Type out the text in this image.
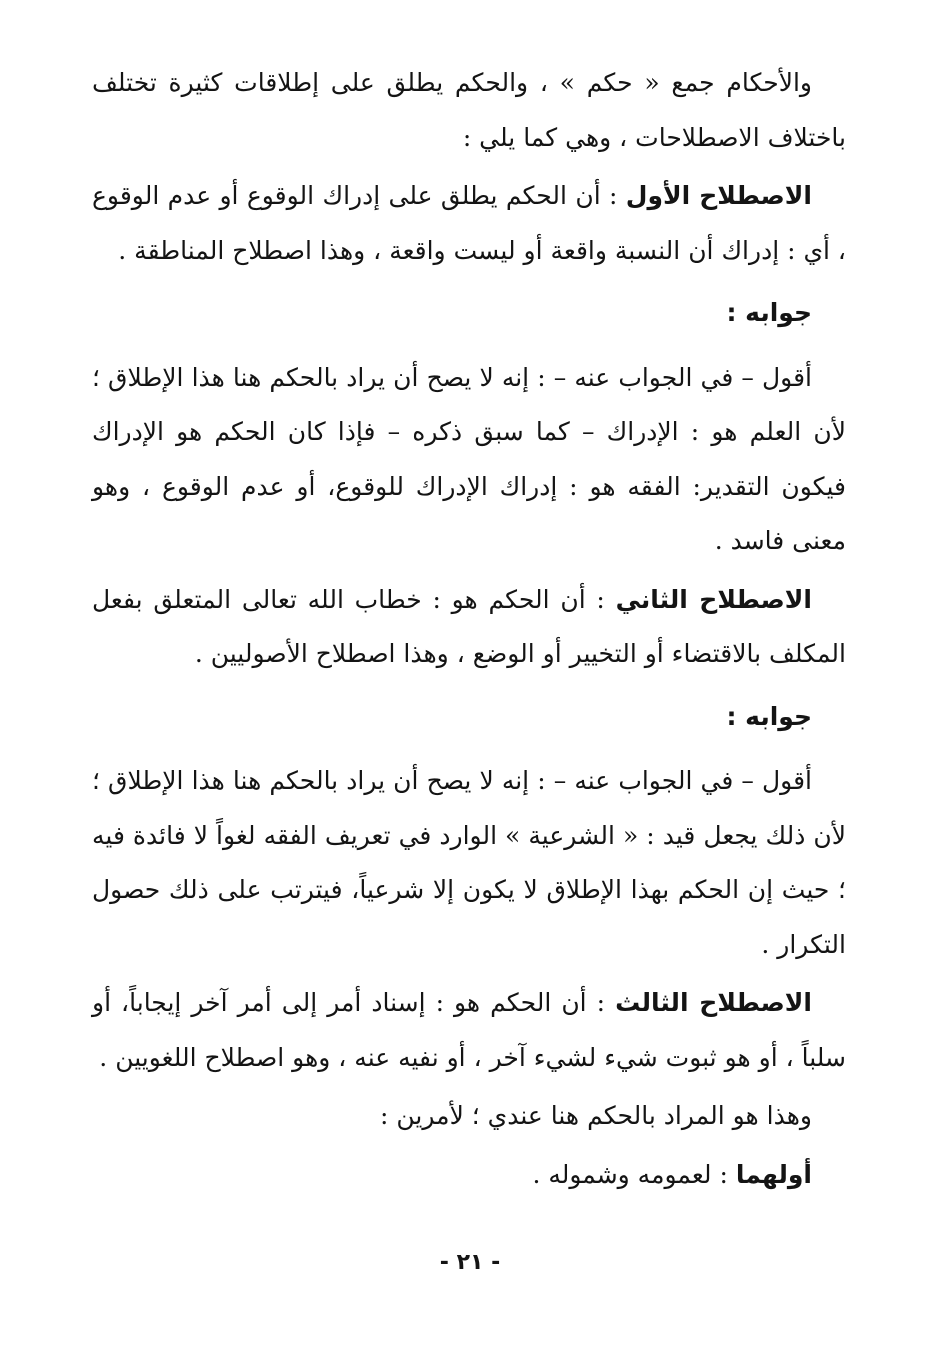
والأحكام جمع « حكم » ، والحكم يطلق على إطلاقات كثيرة تختلف باختلاف الاصطلاحات ، وهي كما يلي :

الاصطلاح الأول : أن الحكم يطلق على إدراك الوقوع أو عدم الوقوع ، أي : إدراك أن النسبة واقعة أو ليست واقعة ، وهذا اصطلاح المناطقة .

جوابه :

أقول – في الجواب عنه – : إنه لا يصح أن يراد بالحكم هنا هذا الإطلاق ؛ لأن العلم هو : الإدراك – كما سبق ذكره – فإذا كان الحكم هو الإدراك فيكون التقدير: الفقه هو : إدراك الإدراك للوقوع، أو عدم الوقوع ، وهو معنى فاسد .

الاصطلاح الثاني : أن الحكم هو : خطاب الله تعالى المتعلق بفعل المكلف بالاقتضاء أو التخيير أو الوضع ، وهذا اصطلاح الأصوليين .

جوابه :

أقول – في الجواب عنه – : إنه لا يصح أن يراد بالحكم هنا هذا الإطلاق ؛ لأن ذلك يجعل قيد : « الشرعية » الوارد في تعريف الفقه لغواً لا فائدة فيه ؛ حيث إن الحكم بهذا الإطلاق لا يكون إلا شرعياً، فيترتب على ذلك حصول التكرار .

الاصطلاح الثالث : أن الحكم هو : إسناد أمر إلى أمر آخر إيجاباً، أو سلباً ، أو هو ثبوت شيء لشيء آخر ، أو نفيه عنه ، وهو اصطلاح اللغويين .

وهذا هو المراد بالحكم هنا عندي ؛ لأمرين :

أولهما : لعمومه وشموله .

- ٢١ -
